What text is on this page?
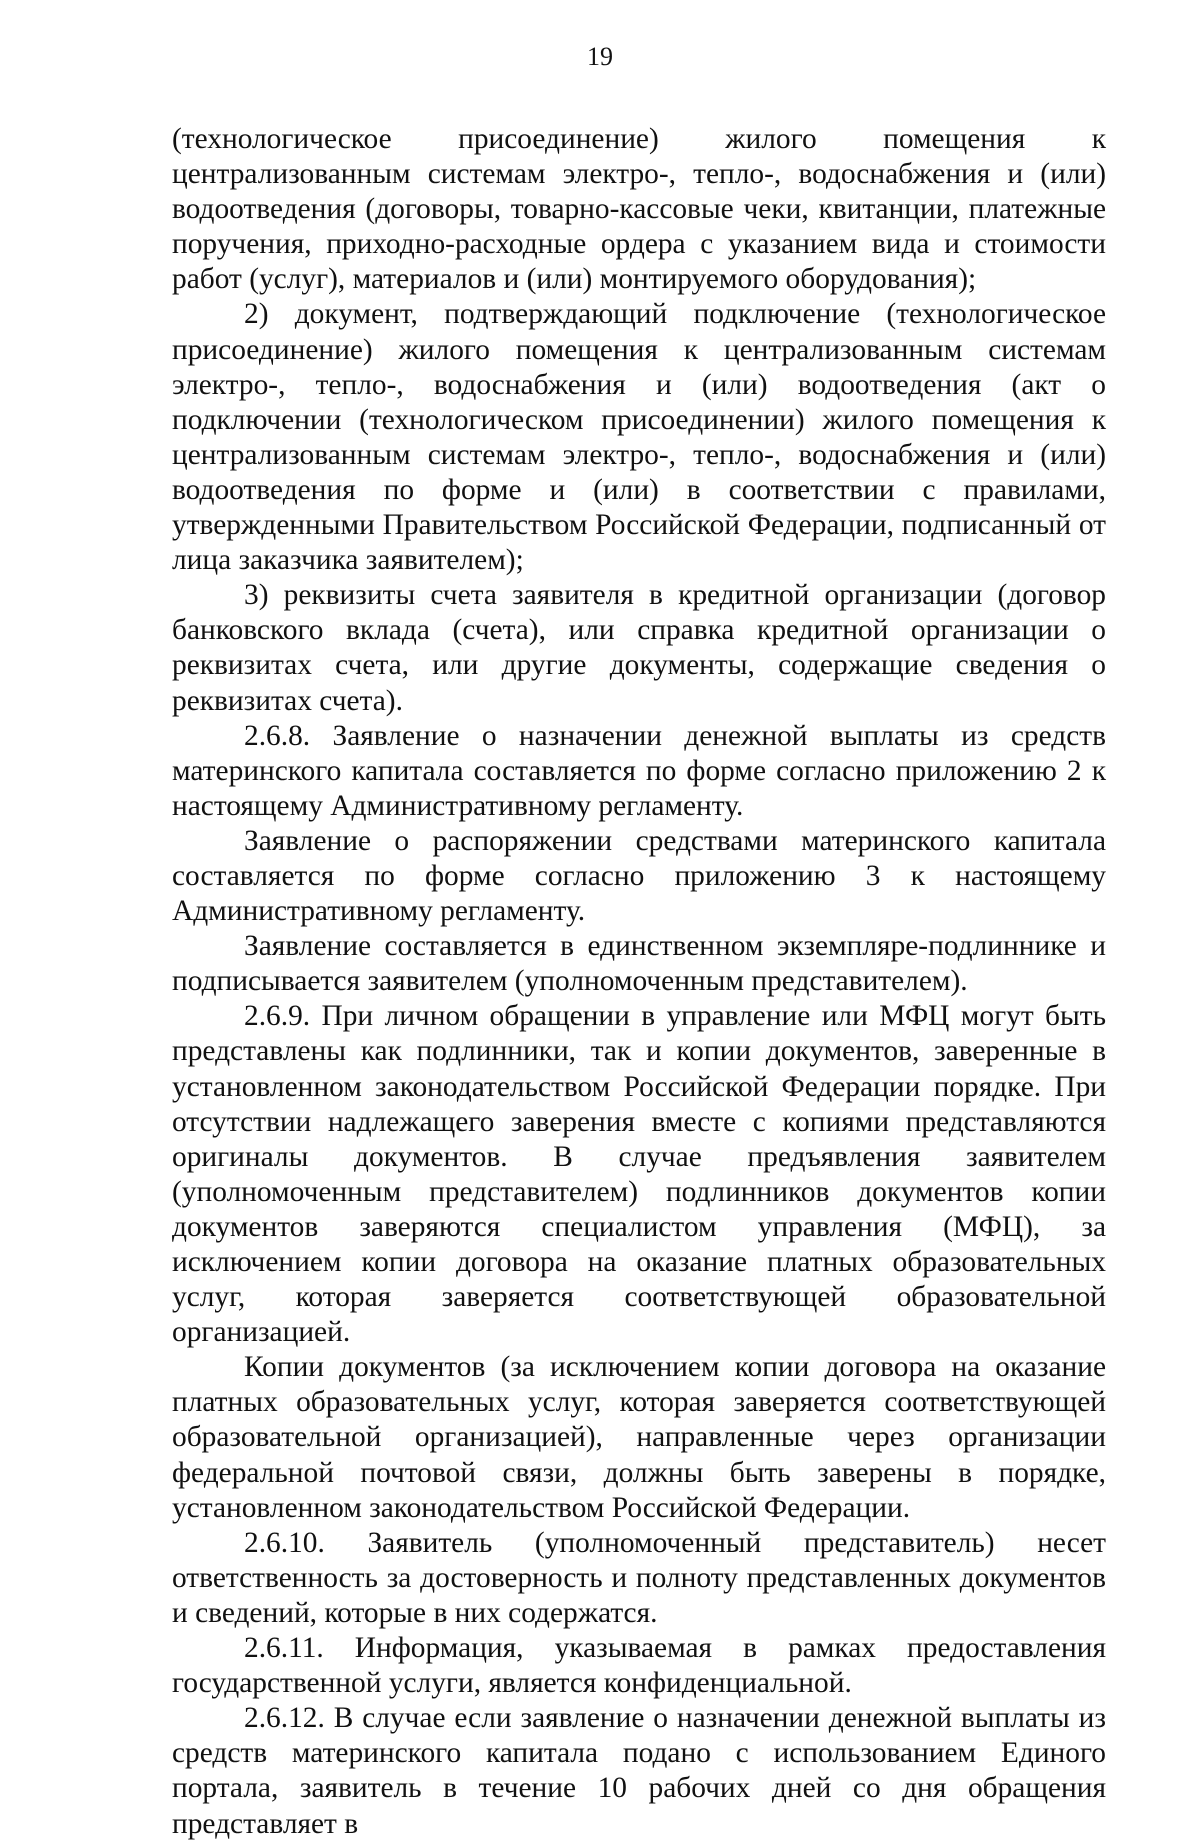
19

(технологическое присоединение) жилого помещения к централизованным системам электро-, тепло-, водоснабжения и (или) водоотведения (договоры, товарно-кассовые чеки, квитанции, платежные поручения, приходно-расходные ордера с указанием вида и стоимости работ (услуг), материалов и (или) монтируемого оборудования);

2) документ, подтверждающий подключение (технологическое присоединение) жилого помещения к централизованным системам электро-, тепло-, водоснабжения и (или) водоотведения (акт о подключении (технологическом присоединении) жилого помещения к централизованным системам электро-, тепло-, водоснабжения и (или) водоотведения по форме и (или) в соответствии с правилами, утвержденными Правительством Российской Федерации, подписанный от лица заказчика заявителем);

3) реквизиты счета заявителя в кредитной организации (договор банковского вклада (счета), или справка кредитной организации о реквизитах счета, или другие документы, содержащие сведения о реквизитах счета).

2.6.8. Заявление о назначении денежной выплаты из средств материнского капитала составляется по форме согласно приложению 2 к настоящему Административному регламенту.

Заявление о распоряжении средствами материнского капитала составляется по форме согласно приложению 3 к настоящему Административному регламенту.

Заявление составляется в единственном экземпляре-подлиннике и подписывается заявителем (уполномоченным представителем).

2.6.9. При личном обращении в управление или МФЦ могут быть представлены как подлинники, так и копии документов, заверенные в установленном законодательством Российской Федерации порядке. При отсутствии надлежащего заверения вместе с копиями представляются оригиналы документов. В случае предъявления заявителем (уполномоченным представителем) подлинников документов копии документов заверяются специалистом управления (МФЦ), за исключением копии договора на оказание платных образовательных услуг, которая заверяется соответствующей образовательной организацией.

Копии документов (за исключением копии договора на оказание платных образовательных услуг, которая заверяется соответствующей образовательной организацией), направленные через организации федеральной почтовой связи, должны быть заверены в порядке, установленном законодательством Российской Федерации.

2.6.10. Заявитель (уполномоченный представитель) несет ответственность за достоверность и полноту представленных документов и сведений, которые в них содержатся.

2.6.11. Информация, указываемая в рамках предоставления государственной услуги, является конфиденциальной.

2.6.12. В случае если заявление о назначении денежной выплаты из средств материнского капитала подано с использованием Единого портала, заявитель в течение 10 рабочих дней со дня обращения представляет в
